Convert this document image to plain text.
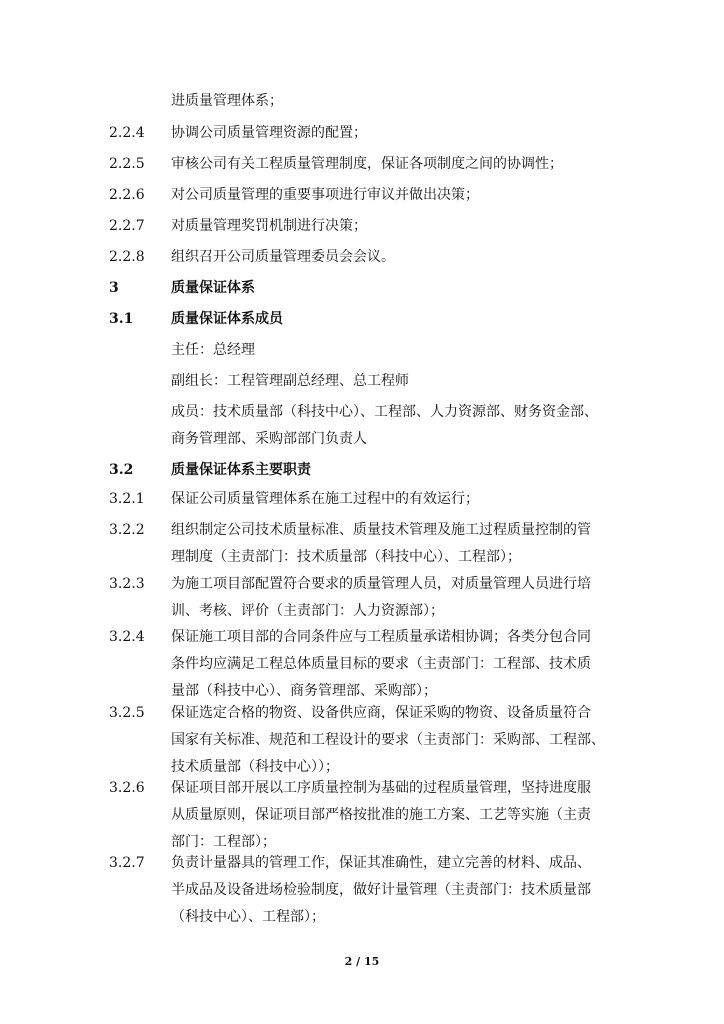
进质量管理体系；
2.2.4 协调公司质量管理资源的配置；
2.2.5 审核公司有关工程质量管理制度，保证各项制度之间的协调性；
2.2.6 对公司质量管理的重要事项进行审议并做出决策；
2.2.7 对质量管理奖罚机制进行决策；
2.2.8 组织召开公司质量管理委员会会议。
3	质量保证体系
3.1	质量保证体系成员
主任：总经理
副组长：工程管理副总经理、总工程师
成员：技术质量部（科技中心）、工程部、人力资源部、财务资金部、
商务管理部、采购部部门负责人
3.2	质量保证体系主要职责
3.2.1 保证公司质量管理体系在施工过程中的有效运行；
3.2.2 组织制定公司技术质量标准、质量技术管理及施工过程质量控制的管
理制度（主责部门：技术质量部（科技中心）、工程部）；
3.2.3 为施工项目部配置符合要求的质量管理人员，对质量管理人员进行培
训、考核、评价（主责部门：人力资源部）；
3.2.4 保证施工项目部的合同条件应与工程质量承诺相协调；各类分包合同
条件均应满足工程总体质量目标的要求（主责部门：工程部、技术质
量部（科技中心）、商务管理部、采购部）；
3.2.5 保证选定合格的物资、设备供应商，保证采购的物资、设备质量符合
国家有关标准、规范和工程设计的要求（主责部门：采购部、工程部、
技术质量部（科技中心））；
3.2.6 保证项目部开展以工序质量控制为基础的过程质量管理，坚持进度服
从质量原则，保证项目部严格按批准的施工方案、工艺等实施（主责
部门：工程部）；
3.2.7 负责计量器具的管理工作，保证其准确性，建立完善的材料、成品、
半成品及设备进场检验制度，做好计量管理（主责部门：技术质量部
（科技中心）、工程部）；
2 / 15
